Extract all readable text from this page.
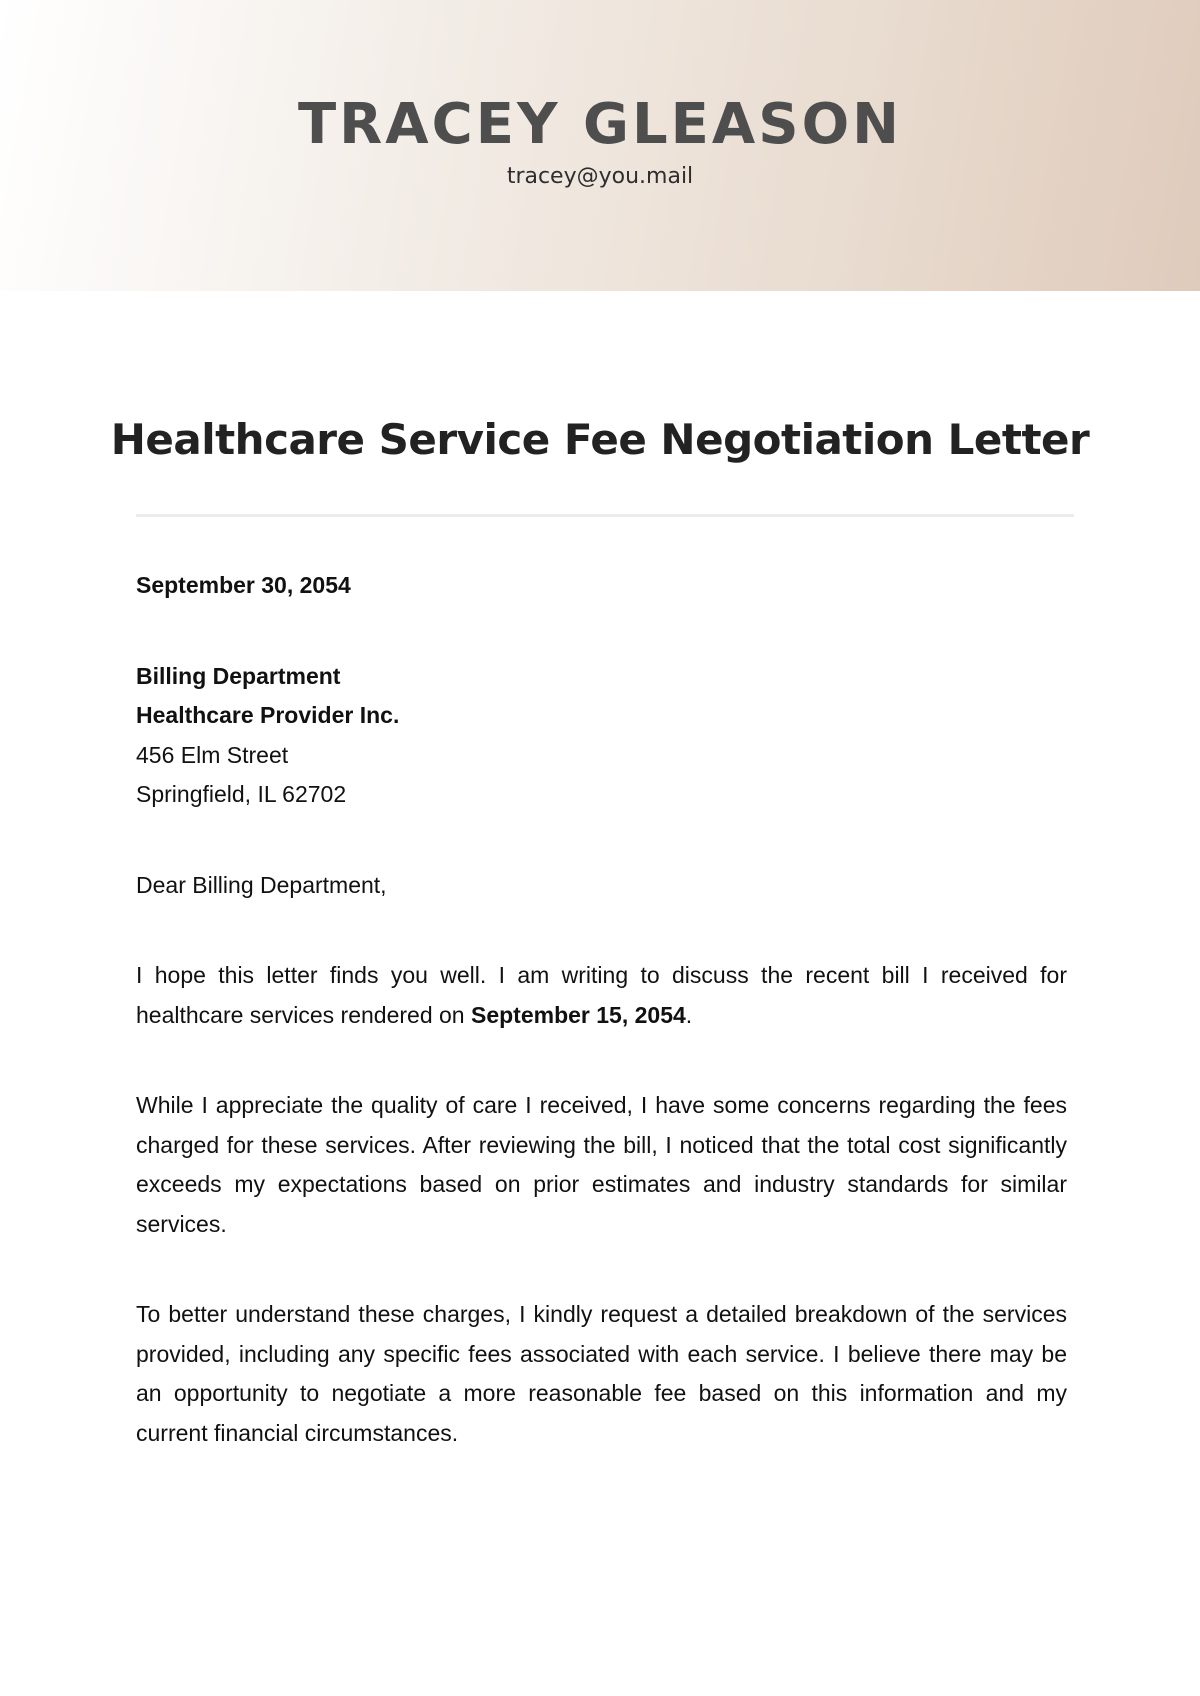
TRACEY GLEASON
tracey@you.mail
Healthcare Service Fee Negotiation Letter

September 30, 2054

Billing Department

Healthcare Provider Inc.

456 Elm Street

Springfield, IL 62702

Dear Billing Department,

I hope this letter finds you well. I am writing to discuss the recent bill I received for healthcare services rendered on September 15, 2054.

While I appreciate the quality of care I received, I have some concerns regarding the fees charged for these services. After reviewing the bill, I noticed that the total cost significantly exceeds my expectations based on prior estimates and industry standards for similar services.

To better understand these charges, I kindly request a detailed breakdown of the services provided, including any specific fees associated with each service. I believe there may be an opportunity to negotiate a more reasonable fee based on this information and my current financial circumstances.
